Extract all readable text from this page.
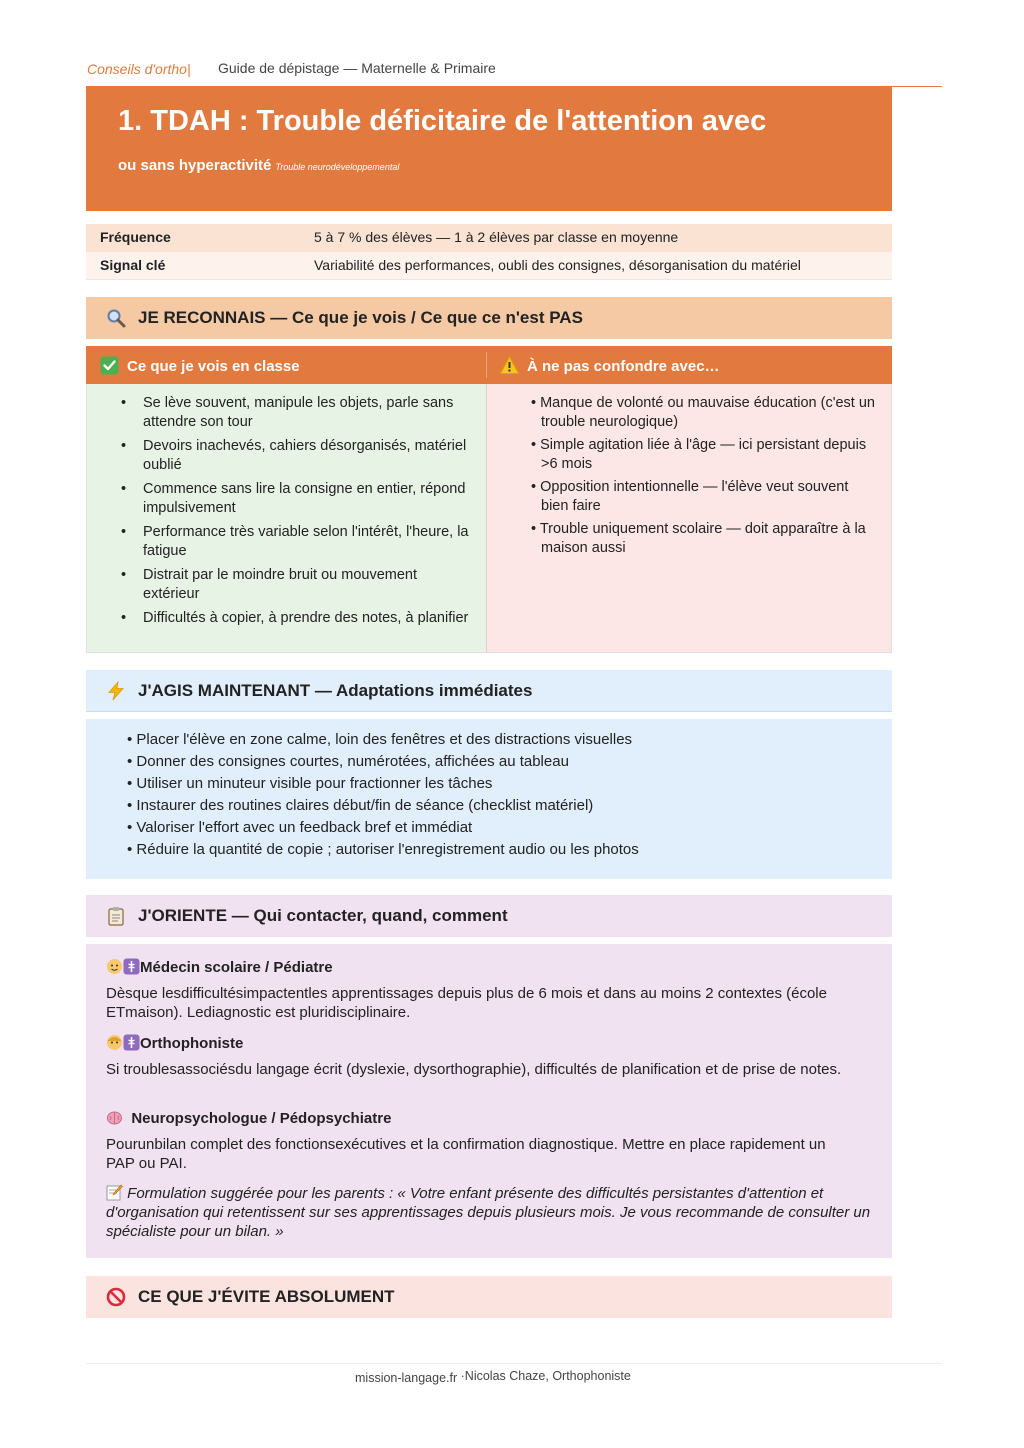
Conseils d'ortho| Guide de dépistage — Maternelle & Primaire
1. TDAH : Trouble déficitaire de l'attention avec
ou sans hyperactivité Trouble neurodéveloppemental
Fréquence	5 à 7 % des élèves — 1 à 2 élèves par classe en moyenne
Signal clé	Variabilité des performances, oubli des consignes, désorganisation du matériel
JE RECONNAIS — Ce que je vois / Ce que ce n'est PAS
Ce que je vois en classe	À ne pas confondre avec…
• Se lève souvent, manipule les objets, parle sans attendre son tour
• Devoirs inachevés, cahiers désorganisés, matériel oublié
• Commence sans lire la consigne en entier, répond impulsivement
• Performance très variable selon l'intérêt, l'heure, la fatigue
• Distrait par le moindre bruit ou mouvement extérieur
• Difficultés à copier, à prendre des notes, à planifier
• Manque de volonté ou mauvaise éducation (c'est un trouble neurologique)
• Simple agitation liée à l'âge — ici persistant depuis >6 mois
• Opposition intentionnelle — l'élève veut souvent bien faire
• Trouble uniquement scolaire — doit apparaître à la maison aussi
J'AGIS MAINTENANT — Adaptations immédiates
• Placer l'élève en zone calme, loin des fenêtres et des distractions visuelles
• Donner des consignes courtes, numérotées, affichées au tableau
• Utiliser un minuteur visible pour fractionner les tâches
• Instaurer des routines claires début/fin de séance (checklist matériel)
• Valoriser l'effort avec un feedback bref et immédiat
• Réduire la quantité de copie ; autoriser l'enregistrement audio ou les photos
J'ORIENTE — Qui contacter, quand, comment
Médecin scolaire / Pédiatre
Dèsque lesdifficultésimpactentles apprentissages depuis plus de 6 mois et dans au moins 2 contextes (école ETmaison). Lediagnostic est pluridisciplinaire.
Orthophoniste
Si troublesassociésdu langage écrit (dyslexie, dysorthographie), difficultés de planification et de prise de notes.
Neuropsychologue / Pédopsychiatre
Pourunbilan complet des fonctionsexécutives et la confirmation diagnostique. Mettre en place rapidement un PAP ou PAI.
Formulation suggérée pour les parents : « Votre enfant présente des difficultés persistantes d'attention et d'organisation qui retentissent sur ses apprentissages depuis plusieurs mois. Je vous recommande de consulter un spécialiste pour un bilan. »
CE QUE J'ÉVITE ABSOLUMENT
mission-langage.fr ·Nicolas Chaze, Orthophoniste
